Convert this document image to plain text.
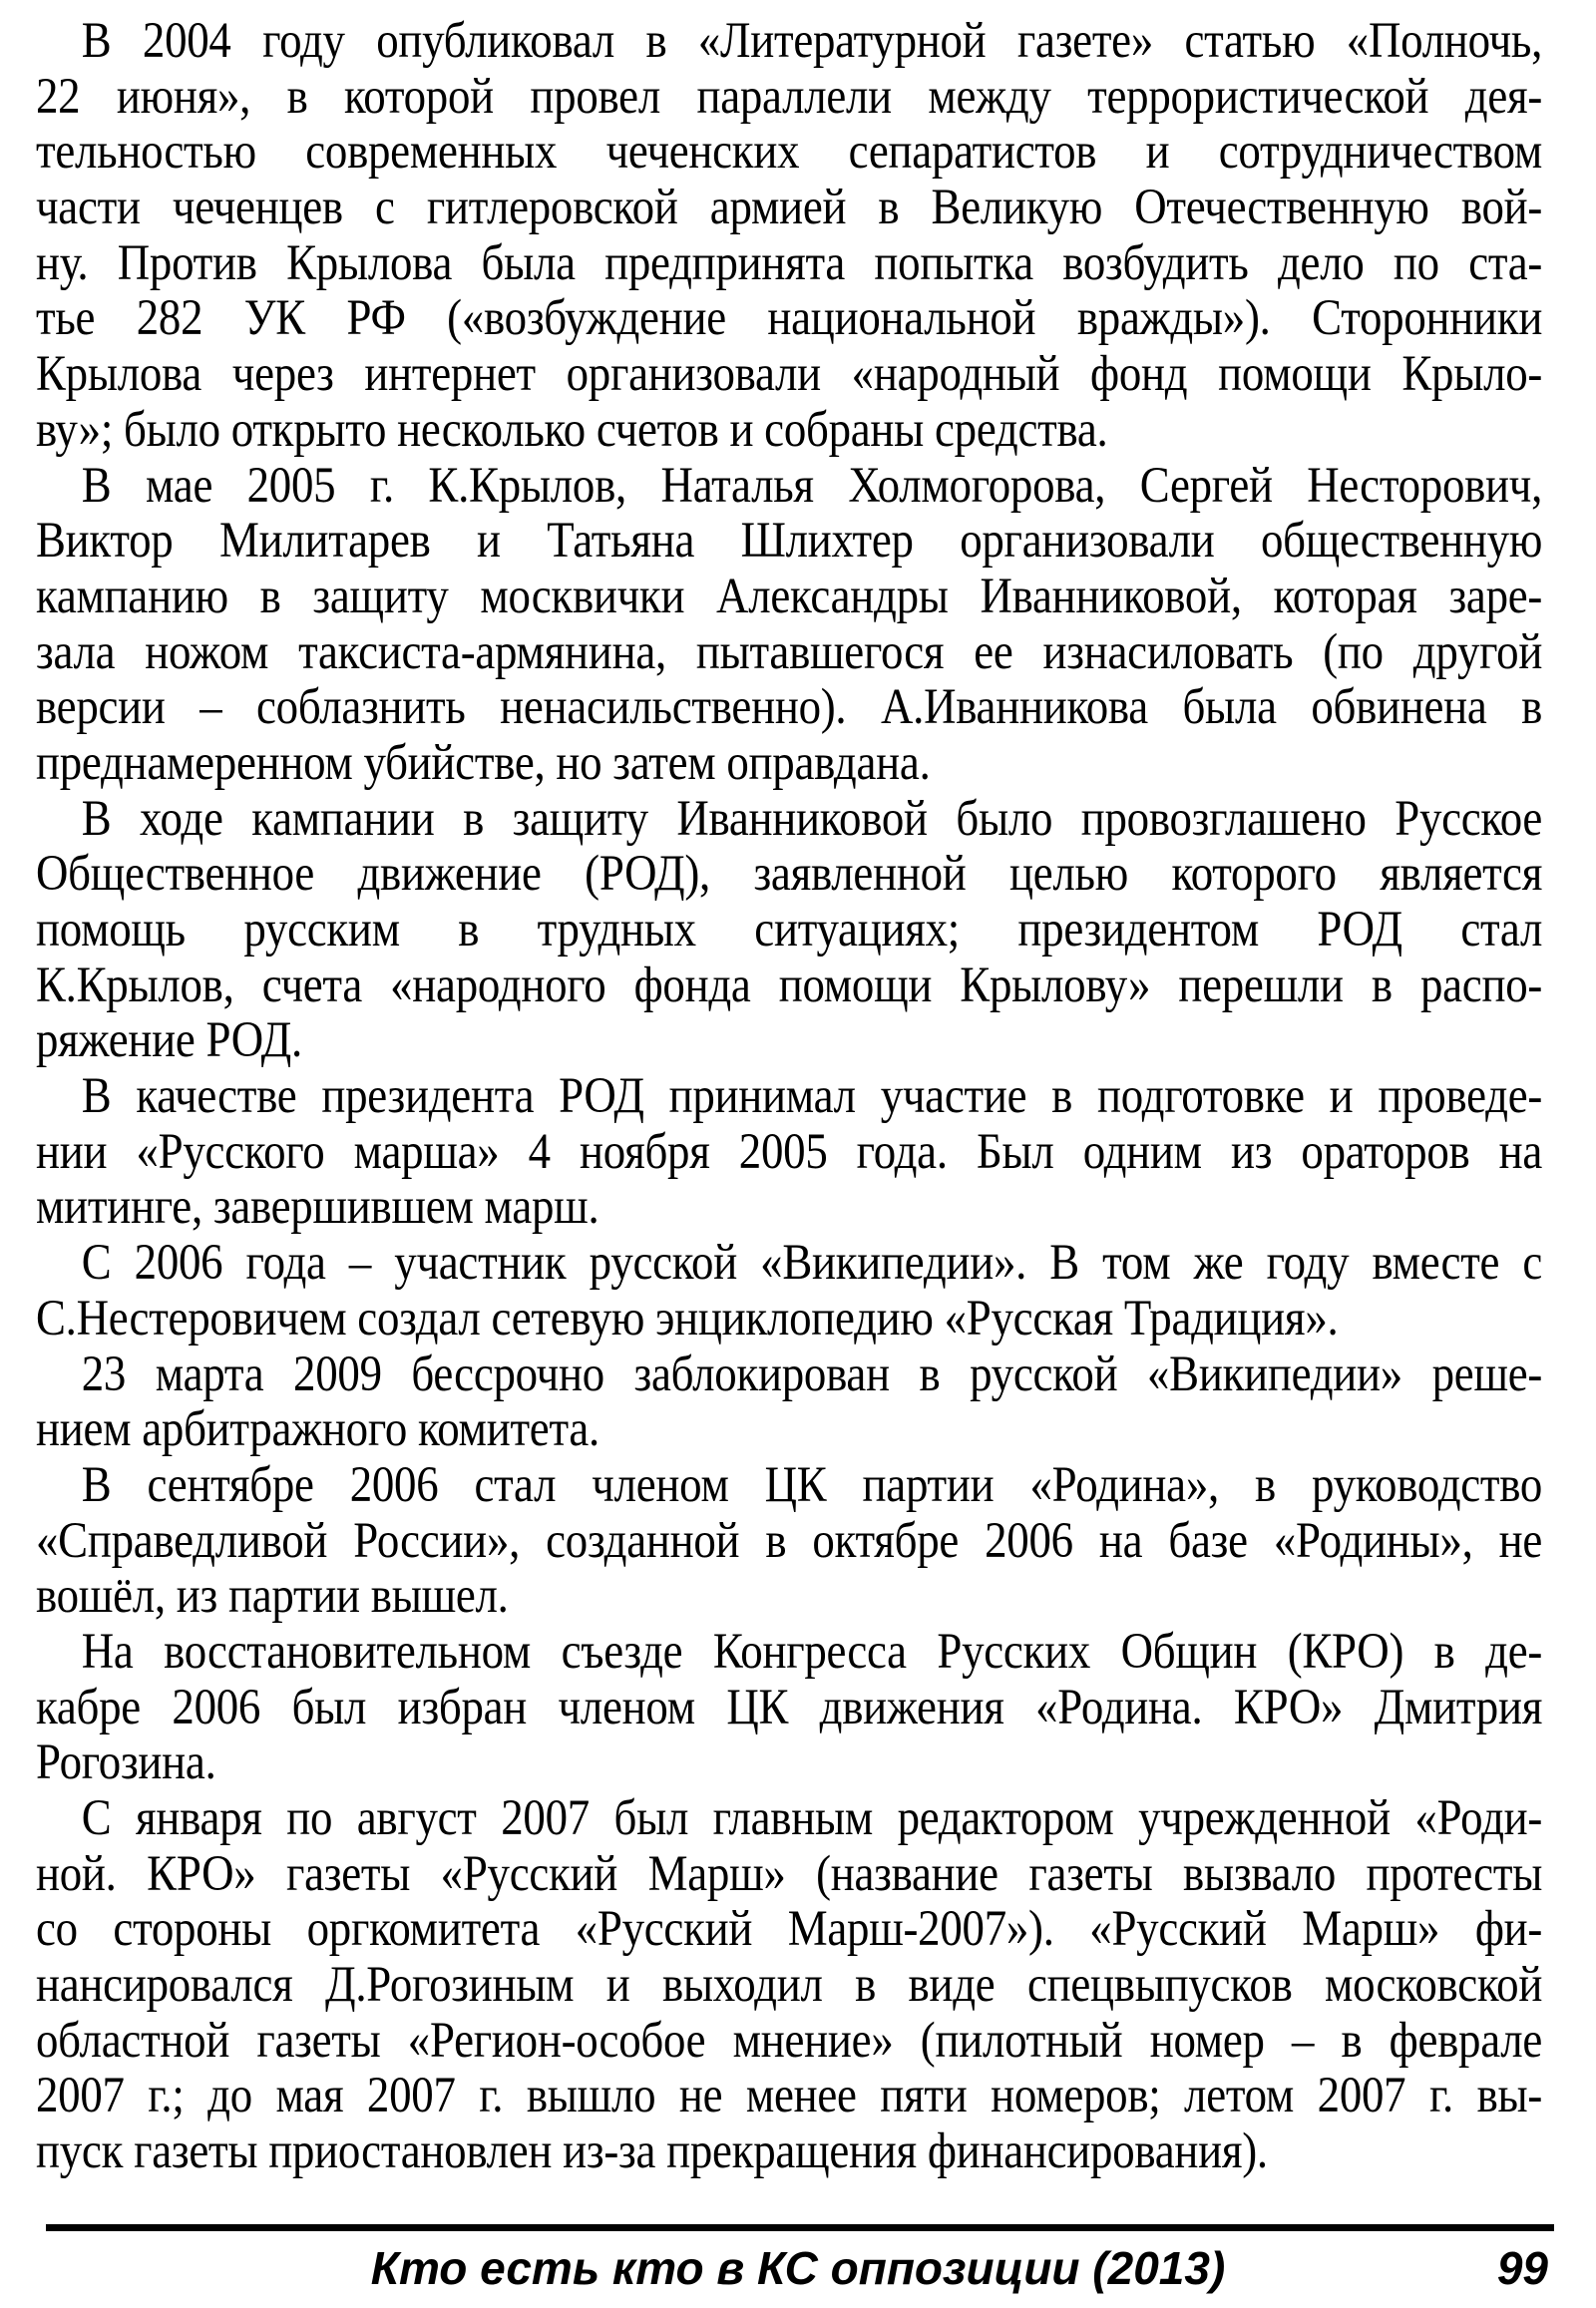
В 2004 году опубликовал в «Литературной газете» статью «Полночь,
22 июня», в которой провел параллели между террористической дея-
тельностью современных чеченских сепаратистов и сотрудничеством
части чеченцев с гитлеровской армией в Великую Отечественную вой-
ну. Против Крылова была предпринята попытка возбудить дело по ста-
тье 282 УК РФ («возбуждение национальной вражды»). Сторонники
Крылова через интернет организовали «народный фонд помощи Крыло-
ву»; было открыто несколько счетов и собраны средства.
В мае 2005 г. К.Крылов, Наталья Холмогорова, Сергей Несторович,
Виктор Милитарев и Татьяна Шлихтер организовали общественную
кампанию в защиту москвички Александры Иванниковой, которая заре-
зала ножом таксиста-армянина, пытавшегося ее изнасиловать (по другой
версии – соблазнить ненасильственно). А.Иванникова была обвинена в
преднамеренном убийстве, но затем оправдана.
В ходе кампании в защиту Иванниковой было провозглашено Русское
Общественное движение (РОД), заявленной целью которого является
помощь русским в трудных ситуациях; президентом РОД стал
К.Крылов, счета «народного фонда помощи Крылову» перешли в распо-
ряжение РОД.
В качестве президента РОД принимал участие в подготовке и проведе-
нии «Русского марша» 4 ноября 2005 года. Был одним из ораторов на
митинге, завершившем марш.
С 2006 года – участник русской «Википедии». В том же году вместе с
С.Нестеровичем создал сетевую энциклопедию «Русская Традиция».
23 марта 2009 бессрочно заблокирован в русской «Википедии» реше-
нием арбитражного комитета.
В сентябре 2006 стал членом ЦК партии «Родина», в руководство
«Справедливой России», созданной в октябре 2006 на базе «Родины», не
вошёл, из партии вышел.
На восстановительном съезде Конгресса Русских Общин (КРО) в де-
кабре 2006 был избран членом ЦК движения «Родина. КРО» Дмитрия
Рогозина.
С января по август 2007 был главным редактором учрежденной «Роди-
ной. КРО» газеты «Русский Марш» (название газеты вызвало протесты
со стороны оргкомитета «Русский Марш-2007»). «Русский Марш» фи-
нансировался Д.Рогозиным и выходил в виде спецвыпусков московской
областной газеты «Регион-особое мнение» (пилотный номер – в феврале
2007 г.; до мая 2007 г. вышло не менее пяти номеров; летом 2007 г. вы-
пуск газеты приостановлен из-за прекращения финансирования).
Кто есть кто в КС оппозиции (2013)	99
